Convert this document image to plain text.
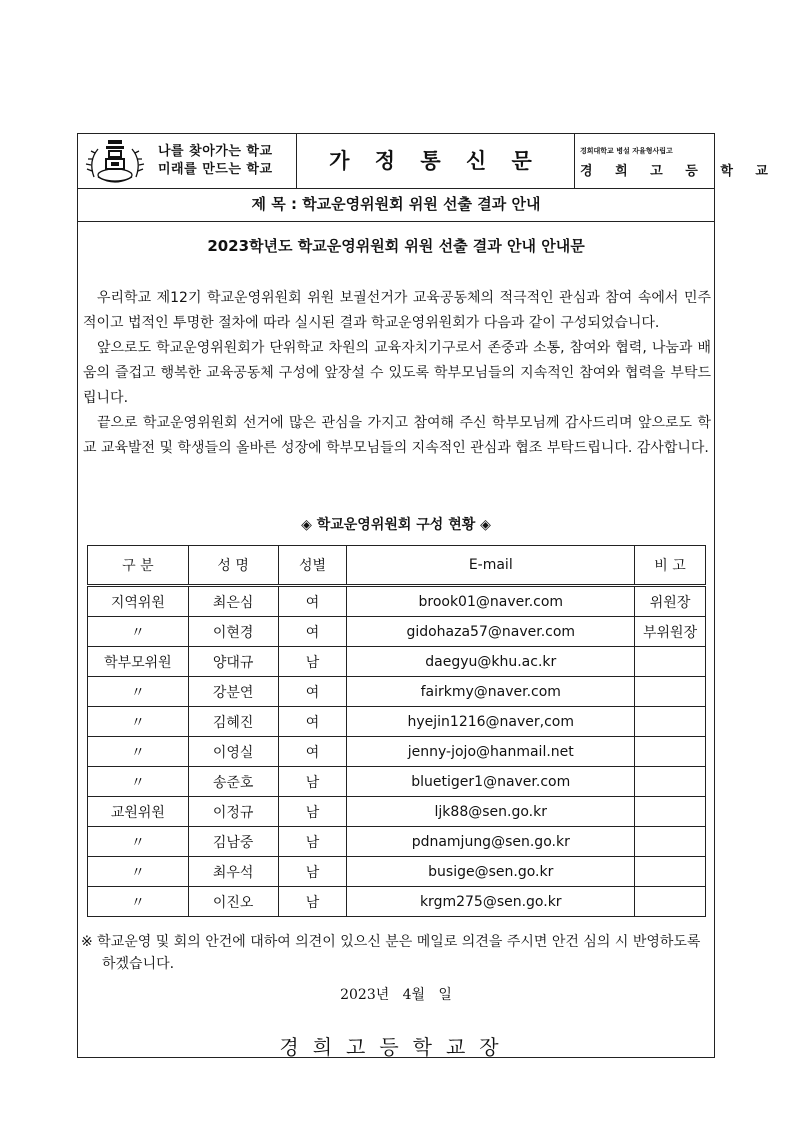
나를 찾아가는 학교
미래를 만드는 학교	가 정 통 신 문	경희대학교 병설 자율형사립고
경 희 고 등 학 교
제 목 : 학교운영위원회 위원 선출 결과 안내
2023학년도 학교운영위원회 위원 선출 결과 안내 안내문

우리학교 제12기 학교운영위원회 위원 보궐선거가 교육공동체의 적극적인 관심과 참여 속에서 민주적이고 법적인 투명한 절차에 따라 실시된 결과 학교운영위원회가 다음과 같이 구성되었습니다.

앞으로도 학교운영위원회가 단위학교 차원의 교육자치기구로서 존중과 소통, 참여와 협력, 나눔과 배움의 즐겁고 행복한 교육공동체 구성에 앞장설 수 있도록 학부모님들의 지속적인 참여와 협력을 부탁드립니다.

끝으로 학교운영위원회 선거에 많은 관심을 가지고 참여해 주신 학부모님께 감사드리며 앞으로도 학교 교육발전 및 학생들의 올바른 성장에 학부모님들의 지속적인 관심과 협조 부탁드립니다. 감사합니다.

◈ 학교운영위원회 구성 현황 ◈
구 분	성 명	성별	E-mail	비 고
지역위원	최은심	여	brook01@naver.com	위원장
〃	이현경	여	gidohaza57@naver.com	부위원장
학부모위원	양대규	남	daegyu@khu.ac.kr	
〃	강분연	여	fairkmy@naver.com	
〃	김혜진	여	hyejin1216@naver,com	
〃	이영실	여	jenny-jojo@hanmail.net	
〃	송준호	남	bluetiger1@naver.com	
교원위원	이정규	남	ljk88@sen.go.kr	
〃	김남중	남	pdnamjung@sen.go.kr	
〃	최우석	남	busige@sen.go.kr	
〃	이진오	남	krgm275@sen.go.kr	
※ 학교운영 및 회의 안건에 대하여 의견이 있으신 분은 메일로 의견을 주시면 안건 심의 시 반영하도록 하겠습니다.
2023년   4월   일
경희고등학교장
